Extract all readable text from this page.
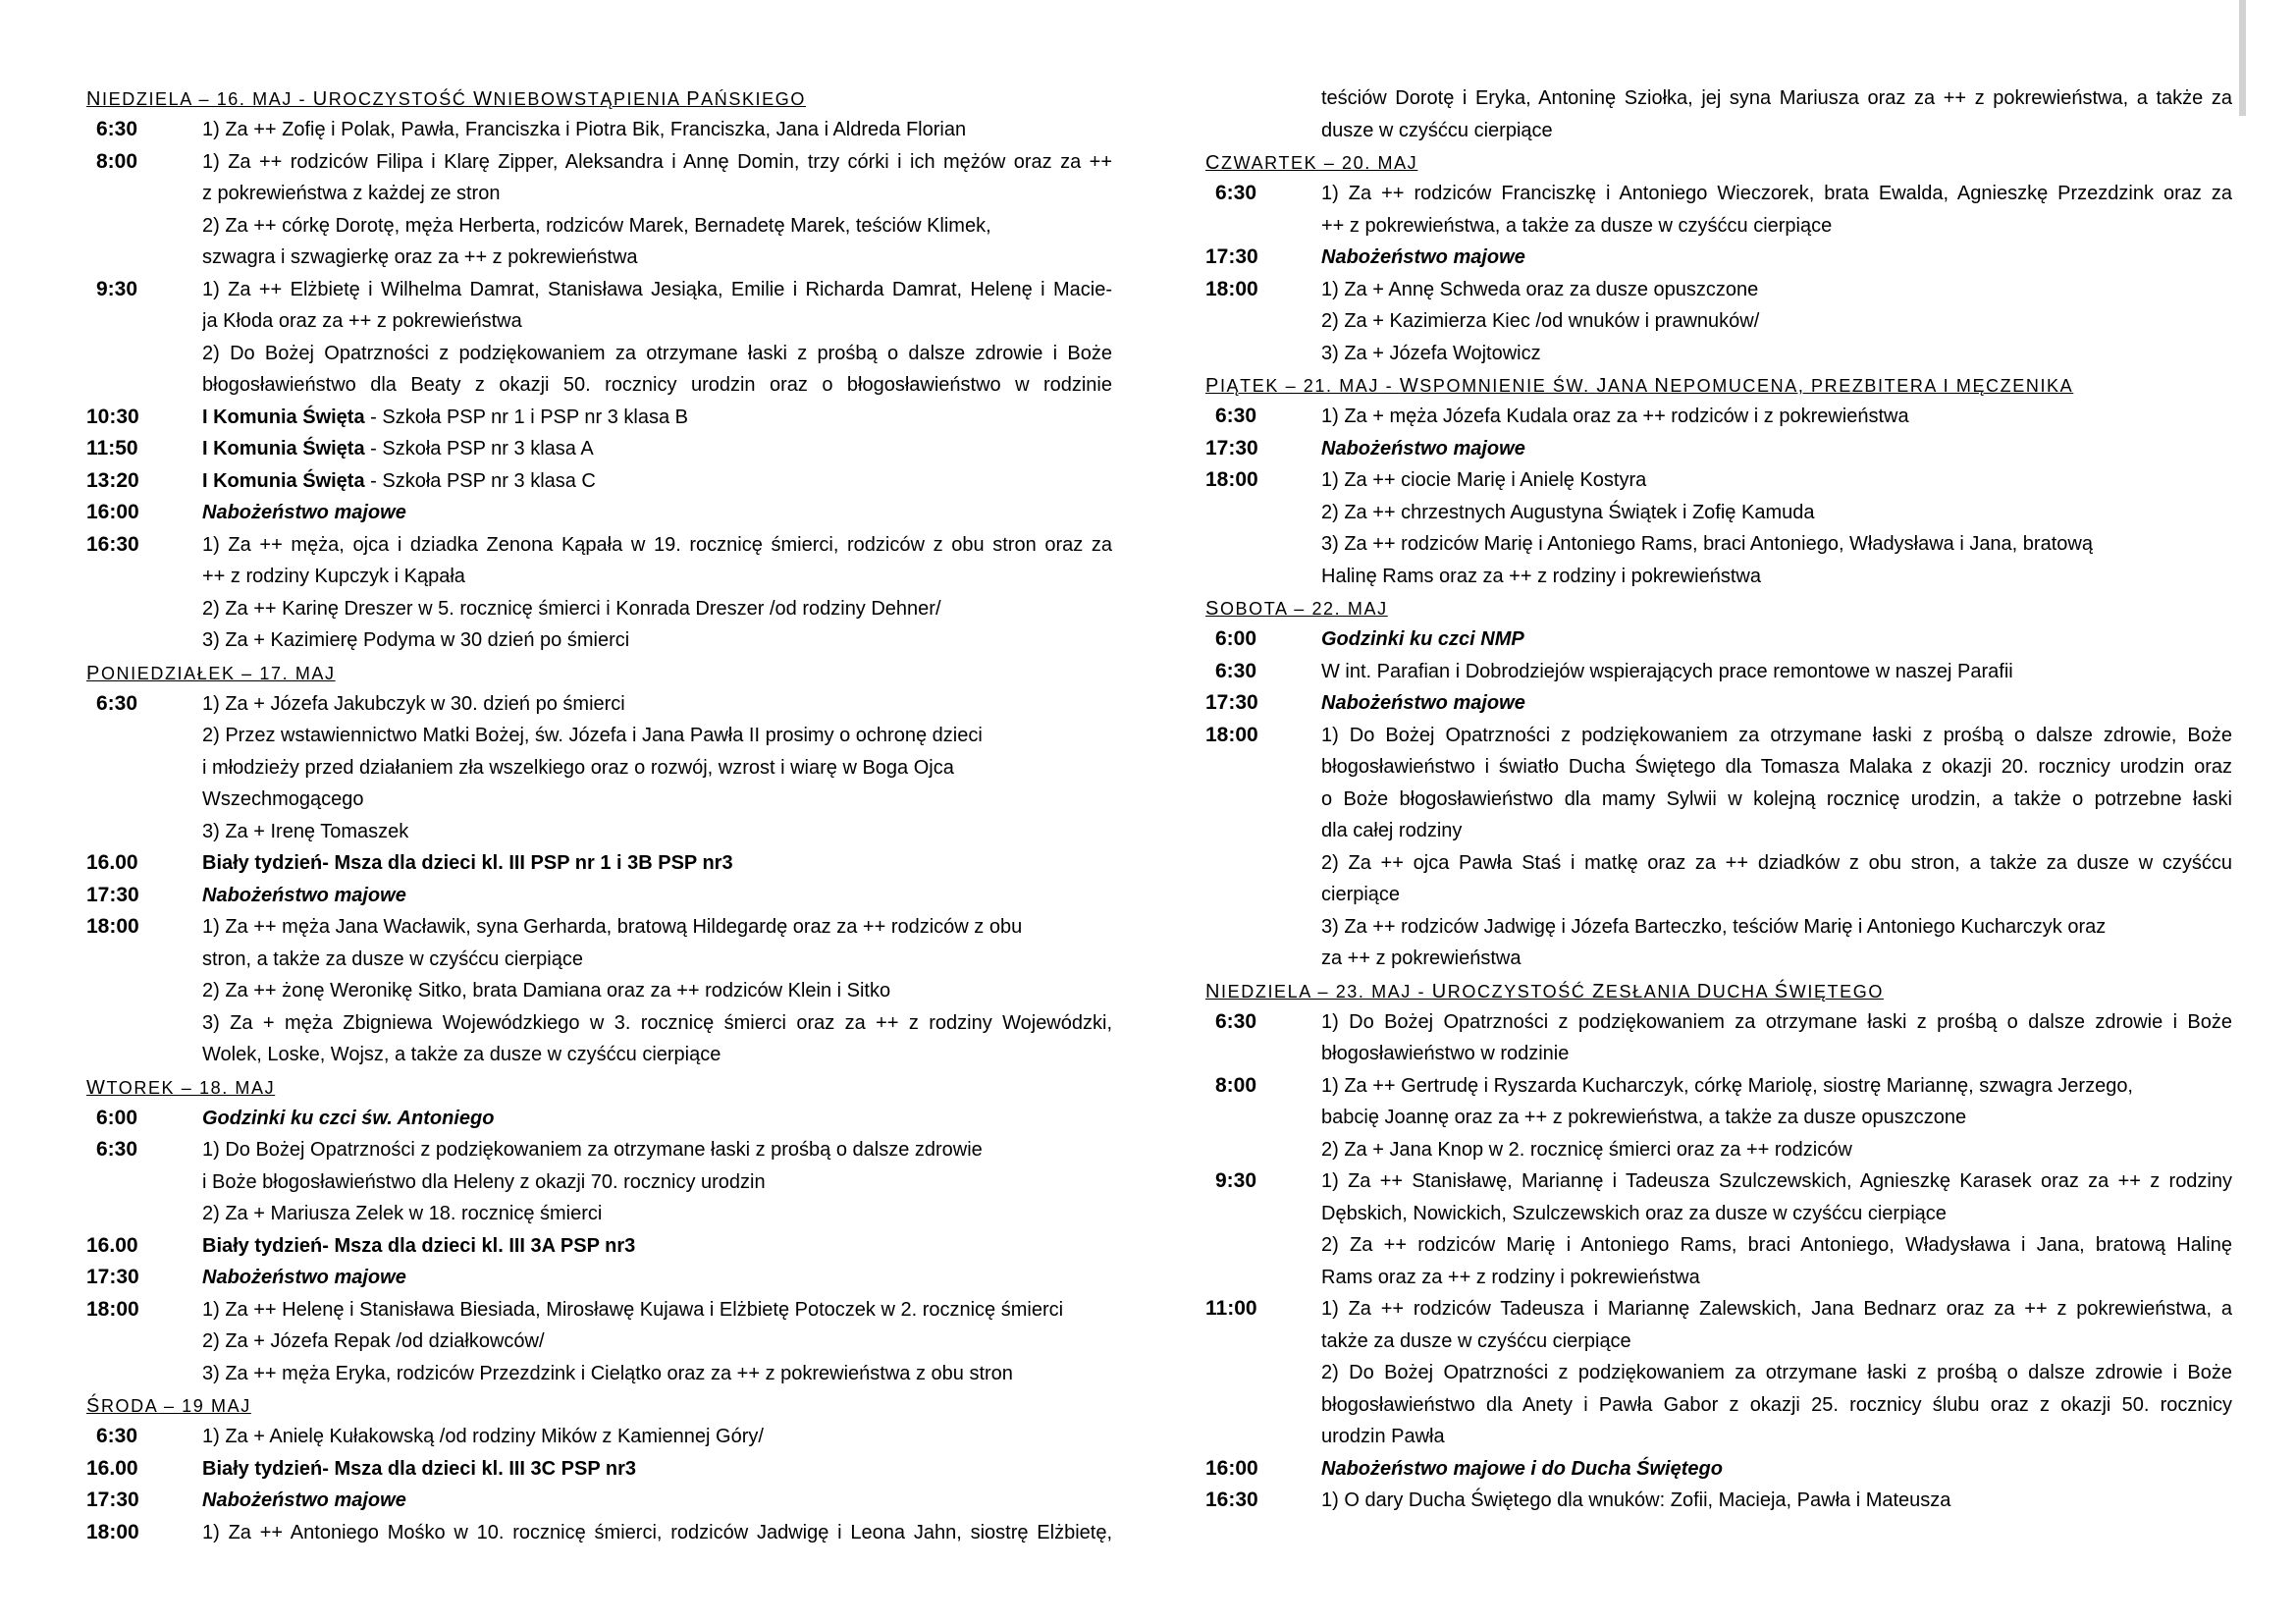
NIEDZIELA – 16. MAJ - UROCZYSTOŚĆ WNIEBOWSTĄPIENIA PAŃSKIEGO
6:30	1) Za ++ Zofię i Polak, Pawła, Franciszka i Piotra Bik, Franciszka, Jana i Aldreda Florian
8:00	1) Za ++ rodziców Filipa i Klarę Zipper, Aleksandra i Annę Domin, trzy córki i ich mężów oraz za ++
z pokrewieństwa z każdej ze stron
2) Za ++ córkę Dorotę, męża Herberta, rodziców Marek, Bernadetę Marek, teściów Klimek,
szwagra i szwagierkę oraz za ++ z pokrewieństwa
9:30	1) Za ++ Elżbietę i Wilhelma Damrat, Stanisława Jesiąka, Emilie i Richarda Damrat, Helenę i Macie-
ja Kłoda oraz za ++ z pokrewieństwa
2) Do Bożej Opatrzności z podziękowaniem za otrzymane łaski z prośbą o dalsze zdrowie i Boże
błogosławieństwo dla Beaty z okazji 50. rocznicy urodzin oraz o błogosławieństwo w rodzinie
10:30	I Komunia Święta - Szkoła PSP nr 1 i PSP nr 3 klasa B
11:50	I Komunia Święta - Szkoła PSP nr 3 klasa A
13:20	I Komunia Święta - Szkoła PSP nr 3 klasa C
16:00	Nabożeństwo majowe
16:30	1) Za ++ męża, ojca i dziadka Zenona Kąpała w 19. rocznicę śmierci, rodziców z obu stron oraz za
++ z rodziny Kupczyk i Kąpała
2) Za ++ Karinę Dreszer w 5. rocznicę śmierci i Konrada Dreszer /od rodziny Dehner/
3) Za + Kazimierę Podyma w 30 dzień po śmierci
PONIEDZIAŁEK – 17. MAJ
6:30	1) Za + Józefa Jakubczyk w 30. dzień po śmierci
2) Przez wstawiennictwo Matki Bożej, św. Józefa i Jana Pawła II prosimy o ochronę dzieci
i młodzieży przed działaniem zła wszelkiego oraz o rozwój, wzrost i wiarę w Boga Ojca
Wszechmogącego
3) Za + Irenę Tomaszek
16.00	Biały tydzień- Msza dla dzieci kl. III PSP nr 1 i 3B PSP nr3
17:30	Nabożeństwo majowe
18:00	1) Za ++ męża Jana Wacławik, syna Gerharda, bratową Hildegardę oraz za ++ rodziców z obu
stron, a także za dusze w czyśćcu cierpiące
2) Za ++ żonę Weronikę Sitko, brata Damiana oraz za ++ rodziców Klein i Sitko
3) Za + męża Zbigniewa Wojewódzkiego w 3. rocznicę śmierci oraz za ++ z rodziny Wojewódzki,
Wolek, Loske, Wojsz, a także za dusze w czyśćcu cierpiące
WTOREK – 18. MAJ
6:00	Godzinki ku czci św. Antoniego
6:30	1) Do Bożej Opatrzności z podziękowaniem za otrzymane łaski z prośbą o dalsze zdrowie
i Boże błogosławieństwo dla Heleny z okazji 70. rocznicy urodzin
2) Za + Mariusza Zelek w 18. rocznicę śmierci
16.00	Biały tydzień- Msza dla dzieci kl. III 3A PSP nr3
17:30	Nabożeństwo majowe
18:00	1) Za ++ Helenę i Stanisława Biesiada, Mirosławę Kujawa i Elżbietę Potoczek w 2. rocznicę śmierci
2) Za + Józefa Repak /od działkowców/
3) Za ++ męża Eryka, rodziców Przezdzink i Cielątko oraz za ++ z pokrewieństwa z obu stron
ŚRODA – 19 MAJ
6:30	1) Za + Anielę Kułakowską /od rodziny Mików z Kamiennej Góry/
16.00	Biały tydzień- Msza dla dzieci kl. III 3C PSP nr3
17:30	Nabożeństwo majowe
18:00	1) Za ++ Antoniego Mośko w 10. rocznicę śmierci, rodziców Jadwigę i Leona Jahn, siostrę Elżbietę,
teściów Dorotę i Eryka, Antoninę Sziołka, jej syna Mariusza oraz za ++ z pokrewieństwa, a także za
dusze w czyśćcu cierpiące
CZWARTEK – 20. MAJ
6:30	1) Za ++ rodziców Franciszkę i Antoniego Wieczorek, brata Ewalda, Agnieszkę Przezdzink oraz za
++ z pokrewieństwa, a także za dusze w czyśćcu cierpiące
17:30	Nabożeństwo majowe
18:00	1) Za + Annę Schweda oraz za dusze opuszczone
2) Za + Kazimierza Kiec /od wnuków i prawnuków/
3) Za + Józefa Wojtowicz
PIĄTEK – 21. MAJ - WSPOMNIENIE ŚW. JANA NEPOMUCENA, PREZBITERA I MĘCZENIKA
6:30	1) Za + męża Józefa Kudala oraz za ++ rodziców i z pokrewieństwa
17:30	Nabożeństwo majowe
18:00	1) Za ++ ciocie Marię i Anielę Kostyra
2) Za ++ chrzestnych Augustyna Świątek i Zofię Kamuda
3) Za ++ rodziców Marię i Antoniego Rams, braci Antoniego, Władysława i Jana, bratową
Halinę Rams oraz za ++ z rodziny i pokrewieństwa
SOBOTA – 22. MAJ
6:00	Godzinki ku czci NMP
6:30	W int. Parafian i Dobrodziejów wspierających prace remontowe w naszej Parafii
17:30	Nabożeństwo majowe
18:00	1) Do Bożej Opatrzności z podziękowaniem za otrzymane łaski z prośbą o dalsze zdrowie, Boże
błogosławieństwo i światło Ducha Świętego dla Tomasza Malaka z okazji 20. rocznicy urodzin oraz
o Boże błogosławieństwo dla mamy Sylwii w kolejną rocznicę urodzin, a także o potrzebne łaski
dla całej rodziny
2) Za ++ ojca Pawła Staś i matkę oraz za ++ dziadków z obu stron, a także za dusze w czyśćcu
cierpiące
3) Za ++ rodziców Jadwigę i Józefa Barteczko, teściów Marię i Antoniego Kucharczyk oraz
za ++ z pokrewieństwa
NIEDZIELA – 23. MAJ - UROCZYSTOŚĆ ZESŁANIA DUCHA ŚWIĘTEGO
6:30	1) Do Bożej Opatrzności z podziękowaniem za otrzymane łaski z prośbą o dalsze zdrowie i Boże
błogosławieństwo w rodzinie
8:00	1) Za ++ Gertrudę i Ryszarda Kucharczyk, córkę Mariolę, siostrę Mariannę, szwagra Jerzego,
babcię Joannę oraz za ++ z pokrewieństwa, a także za dusze opuszczone
2) Za + Jana Knop w 2. rocznicę śmierci oraz za ++ rodziców
9:30	1) Za ++ Stanisławę, Mariannę i Tadeusza Szulczewskich, Agnieszkę Karasek oraz za ++ z rodziny
Dębskich, Nowickich, Szulczewskich oraz za dusze w czyśćcu cierpiące
2) Za ++ rodziców Marię i Antoniego Rams, braci Antoniego, Władysława i Jana, bratową Halinę
Rams oraz za ++ z rodziny i pokrewieństwa
11:00	1) Za ++ rodziców Tadeusza i Mariannę Zalewskich, Jana Bednarz oraz za ++ z pokrewieństwa, a
także za dusze w czyśćcu cierpiące
2) Do Bożej Opatrzności z podziękowaniem za otrzymane łaski z prośbą o dalsze zdrowie i Boże
błogosławieństwo dla Anety i Pawła Gabor z okazji 25. rocznicy ślubu oraz z okazji 50. rocznicy
urodzin Pawła
16:00	Nabożeństwo majowe i do Ducha Świętego
16:30	1) O dary Ducha Świętego dla wnuków: Zofii, Macieja, Pawła i Mateusza
